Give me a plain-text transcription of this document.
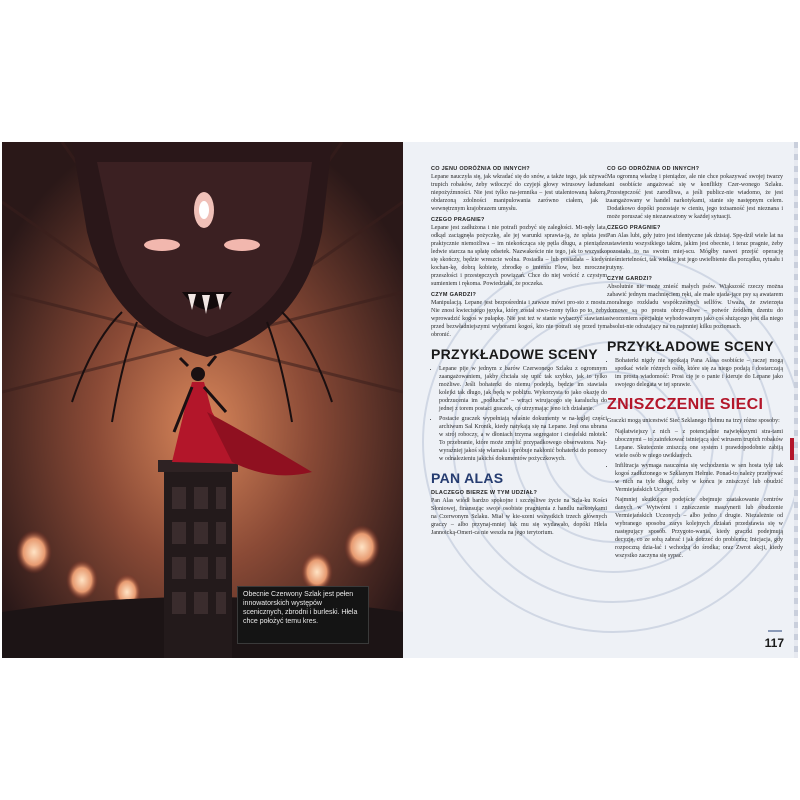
Obecnie Czerwony Szlak jest pełen innowatorskich występów scenicznych, zbrodni i burleski. Hłela chce położyć temu kres.
CO JENU ODRÓŻNIA OD INNYCH?
Lepane nauczyła się, jak wkradać się do snów, a także tego, jak używać trupich robaków, żeby wtłoczyć do czyjejś głowy wirusowy ładunek niepożyźmności. Nie jest tylko na-jemnika – jest utalentowaną hakerą, obdarzoną zdolności manipulowania zarówno ciałem, jak i wewnętrznym krajobrazem umysłu.
CZEGO PRAGNIE?
Lepane jest zadłużona i nie potrafi pozbyć się zaległości. Mi-nęły lata, odkąd zaciągnęła pożyczkę, ale jej warunki sprawia-ją, że spłata jest praktycznie niemożliwa – im niekończąca się pętla długu, a pieniądze ledwie starcza na spłatę odsetek. Nazwakeście nie tego, jak to wszystko się skończy, będzie wreszcie wolna. Posiadła – lub posiadała – kiedyś kochan-kę, dobrą kobietę, zbrodkę o imieniu Flow, bez mrocznej przeszłości i przestępczych powiązań. Chce do niej wrócić z czystym sumieniem i rękoma. Powiedziała, że poczeka.
CZYM GARDZI?
Manipulacją. Lepane jest bezpośrednia i zawsze mówi pro-sto z mostu. Nie znosi kwiecistego języka, który został stwo-rzony tylko po to, żeby wprowadzić kogoś w pułapkę. Nie jest też w stanie wybaczyć stawiania przed bezwładniejszymi wyborami kogoś, kto nie potrafi się przed tym obronić.
PRZYKŁADOWE SCENY
• Lepane pije w jednym z barów Czerwonego Szlaku z ogromnym zaangażowaniem, jakby chciała się upić tak szybko, jak to tylko możliwe. Jeśli bohaterki do niemu podejdą, będzie im stawiała kolejki tak długo, jak będą w pobliżu. Wykorzysta to jako okazję do podrzucenia im „podłucha” – wtrąci wirującego się karaluchą do jednej z torem postaci graczek, co utrzymając jeno ich działanie.
• Postacie graczek wypełniają właśnie dokumenty w na-leglej części archiwum Sal Kronik, kiedy natykają się na Lepane. Jest ona ubrana w strój roboczy, a w dłoniach trzyma segregator i ciesielski młotek. To przebranie, które może zmylić przypadkowego obserwatora. Naj-wyraźniej jakoś się włamała i spróbuje nakłonić bohaterki do pomocy w odnalezieniu jakichś dokumentów pożyczkowych.
PAN ALAS
DLACZEGO BIERZE W TYM UDZIAŁ?
Pan Alas wiódł bardzo spokojne i szczęśliwe życie na Szla-ku Kości Słoniowej, finansując swoje osobiste pragnienia z handlu narkotykami na Czerwonym Szlaku. Miał w kie-szeni wszystkich trzech głównych graczy – albo przynaj-mniej tak mu się wydawało, dopóki Hłela Jannoicką-Omeri-ca nie weszła na jego terytorium.
CO GO ODRÓŻNIA OD INNYCH?
Ma ogromną władzę i pieniądze, ale nie chce pokazywać swojej twarzy ani osobiście angażować się w konflikty Czer-wonego Szlaku. Przestępczość jest zarodliwa, a jeśli publicz-nie wiadomo, że jest zaangażowany w handel narkotykami, stanie się następnym celem. Dodatkowo dopóki pozostaje w cieniu, jego tożsamość jest nieznana i może poruszać się niezauważony w każdej sytuacji.
CZEGO PRAGNIE?
Pan Alas lubi, gdy jutro jest identyczne jak dzisiaj. Spę-dził wiele lat na ustawieniu wszystkiego takim, jakim jest obecnie, i teraz pragnie, żeby pozostało to na swoim miej-scu. Mógłby nawet przejść operację nieśmiertelności, tak wielkie jest jego uwielbienie dla porządku, rytuału i rutyny.
CZYM GARDZI?
Absolutnie nie może znieść małych psów. Wiąkszość rzeczy można zabawić jednym machnięciem ręki, ale małe ujada-jące psy są awatarem moralnego rozkładu współczesnych sellfów. Uważa, że zwierzęta domowe są po prostu obrzy-dliwe – potwór źródłem dzentu do stworzeniem specjalnie wyhodowanym jako coś służącego jest dla niego absolut-nie odrażający na co najmniej kilku poziomach.
PRZYKŁADOWE SCENY
• Bohaterki nigdy nie spotkają Pana Alasa osobiście – raczej mogą spotkać wiele różnych osób, które się za niego podają i dostarczają im prostą wiadomość: Prosi cię je o panie i kieruje do Lepane jako swojego delegata w tej sprawie.
ZNISZCZENIE SIECI
Graczki mogą unicestwić Sieć Szklanego Hełmu na trzy różne sposoby:
• Najłatwiejszy z nich – z potencjalnie największymi stra-tami ubocznymi – to zainfekować istniejącą sieć wirusem trupich robaków Lepane. Skutecznie zniszczą one system i prawdopodobnie zabiją wiele osób w niego uwikłanych.
• Infiltracja wymaga nauczenia się wchodzenia w sen hosta tyle tak kogoś zadłużonego w Szklanym Hełmie. Ponad-to należy przebywać w nich na tyle długo, żeby w końcu je zniszczyć lub obudzić Vermiejańskich Uczonych.
• Najmniej skutkujące podejście obejmuje zaatakowanie centrów danych w Wytwórni i zniszczenie maszynerii lub obudzenie Vermiejańskich Uczonych – albo jedno i drugie. Niezależnie od wybranego sposobu zarys kolejnych działań przedstawia się w następujący sposób. Przygoto-wania, kiedy graczki podejmują decyzję, co ze sobą zabrać i jak dotrzeć do problemu; Inicjacja, gdy rozpoczną dzia-łać i wchodzą do środka; oraz Zwrot akcji, kiedy wszystko zaczyna się sypać.
117
